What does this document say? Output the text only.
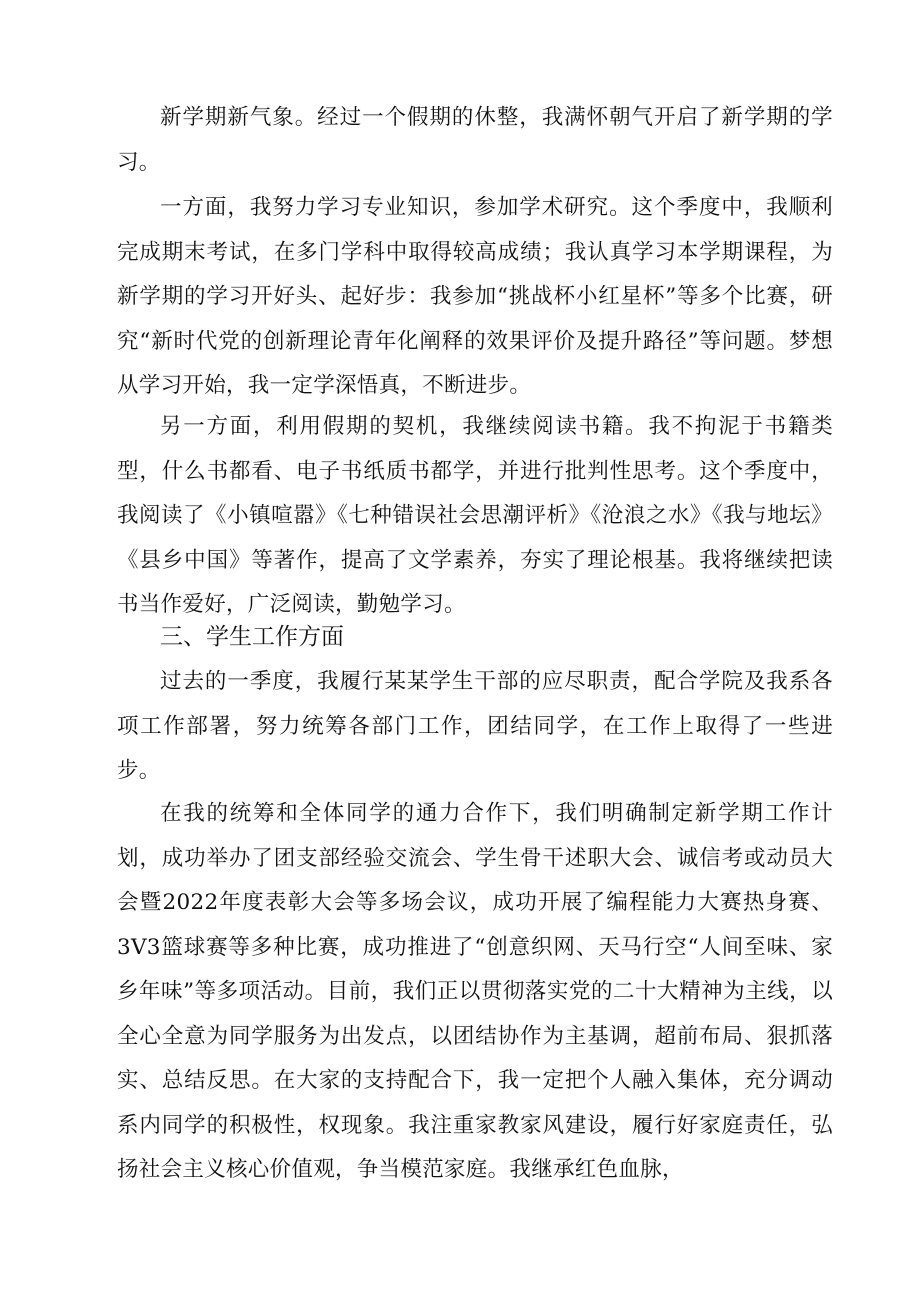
新学期新气象。经过一个假期的休整，我满怀朝气开启了新学期的学习。

一方面，我努力学习专业知识，参加学术研究。这个季度中，我顺利完成期末考试，在多门学科中取得较高成绩；我认真学习本学期课程，为新学期的学习开好头、起好步：我参加“挑战杯小红星杯”等多个比赛，研究“新时代党的创新理论青年化阐释的效果评价及提升路径”等问题。梦想从学习开始，我一定学深悟真，不断进步。

另一方面，利用假期的契机，我继续阅读书籍。我不拘泥于书籍类型，什么书都看、电子书纸质书都学，并进行批判性思考。这个季度中，我阅读了《小镇喧嚣》《七种错误社会思潮评析》《沧浪之水》《我与地坛》《县乡中国》等著作，提高了文学素养，夯实了理论根基。我将继续把读书当作爱好，广泛阅读，勤勉学习。

三、学生工作方面

过去的一季度，我履行某某学生干部的应尽职责，配合学院及我系各项工作部署，努力统筹各部门工作，团结同学，在工作上取得了一些进步。

在我的统筹和全体同学的通力合作下，我们明确制定新学期工作计划，成功举办了团支部经验交流会、学生骨干述职大会、诚信考或动员大会暨2022年度表彰大会等多场会议，成功开展了编程能力大赛热身赛、3V3篮球赛等多种比赛，成功推进了“创意织网、天马行空“人间至味、家乡年味”等多项活动。目前，我们正以贯彻落实党的二十大精神为主线，以全心全意为同学服务为出发点，以团结协作为主基调，超前布局、狠抓落实、总结反思。在大家的支持配合下，我一定把个人融入集体，充分调动系内同学的积极性，权现象。我注重家教家风建设，履行好家庭责任，弘扬社会主义核心价值观，争当模范家庭。我继承红色血脉，
